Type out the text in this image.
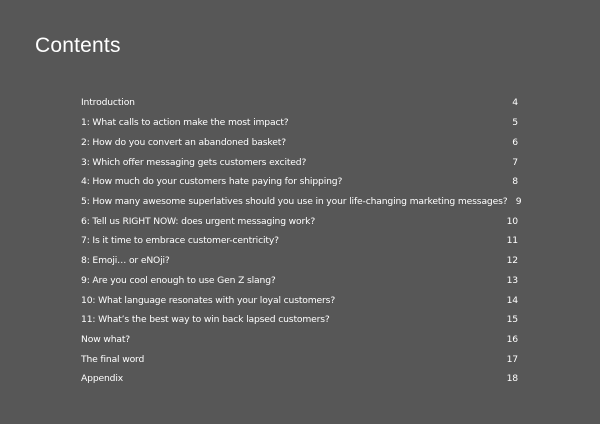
Contents
Introduction	4
1: What calls to action make the most impact?	5
2: How do you convert an abandoned basket?	6
3: Which offer messaging gets customers excited?	7
4: How much do your customers hate paying for shipping?	8
5: How many awesome superlatives should you use in your life-changing marketing messages? 9
6: Tell us RIGHT NOW: does urgent messaging work?	10
7: Is it time to embrace customer-centricity?	11
8: Emoji… or eNOji?	12
9: Are you cool enough to use Gen Z slang?	13
10: What language resonates with your loyal customers?	14
11: What’s the best way to win back lapsed customers?	15
Now what?	16
The final word	17
Appendix	18
